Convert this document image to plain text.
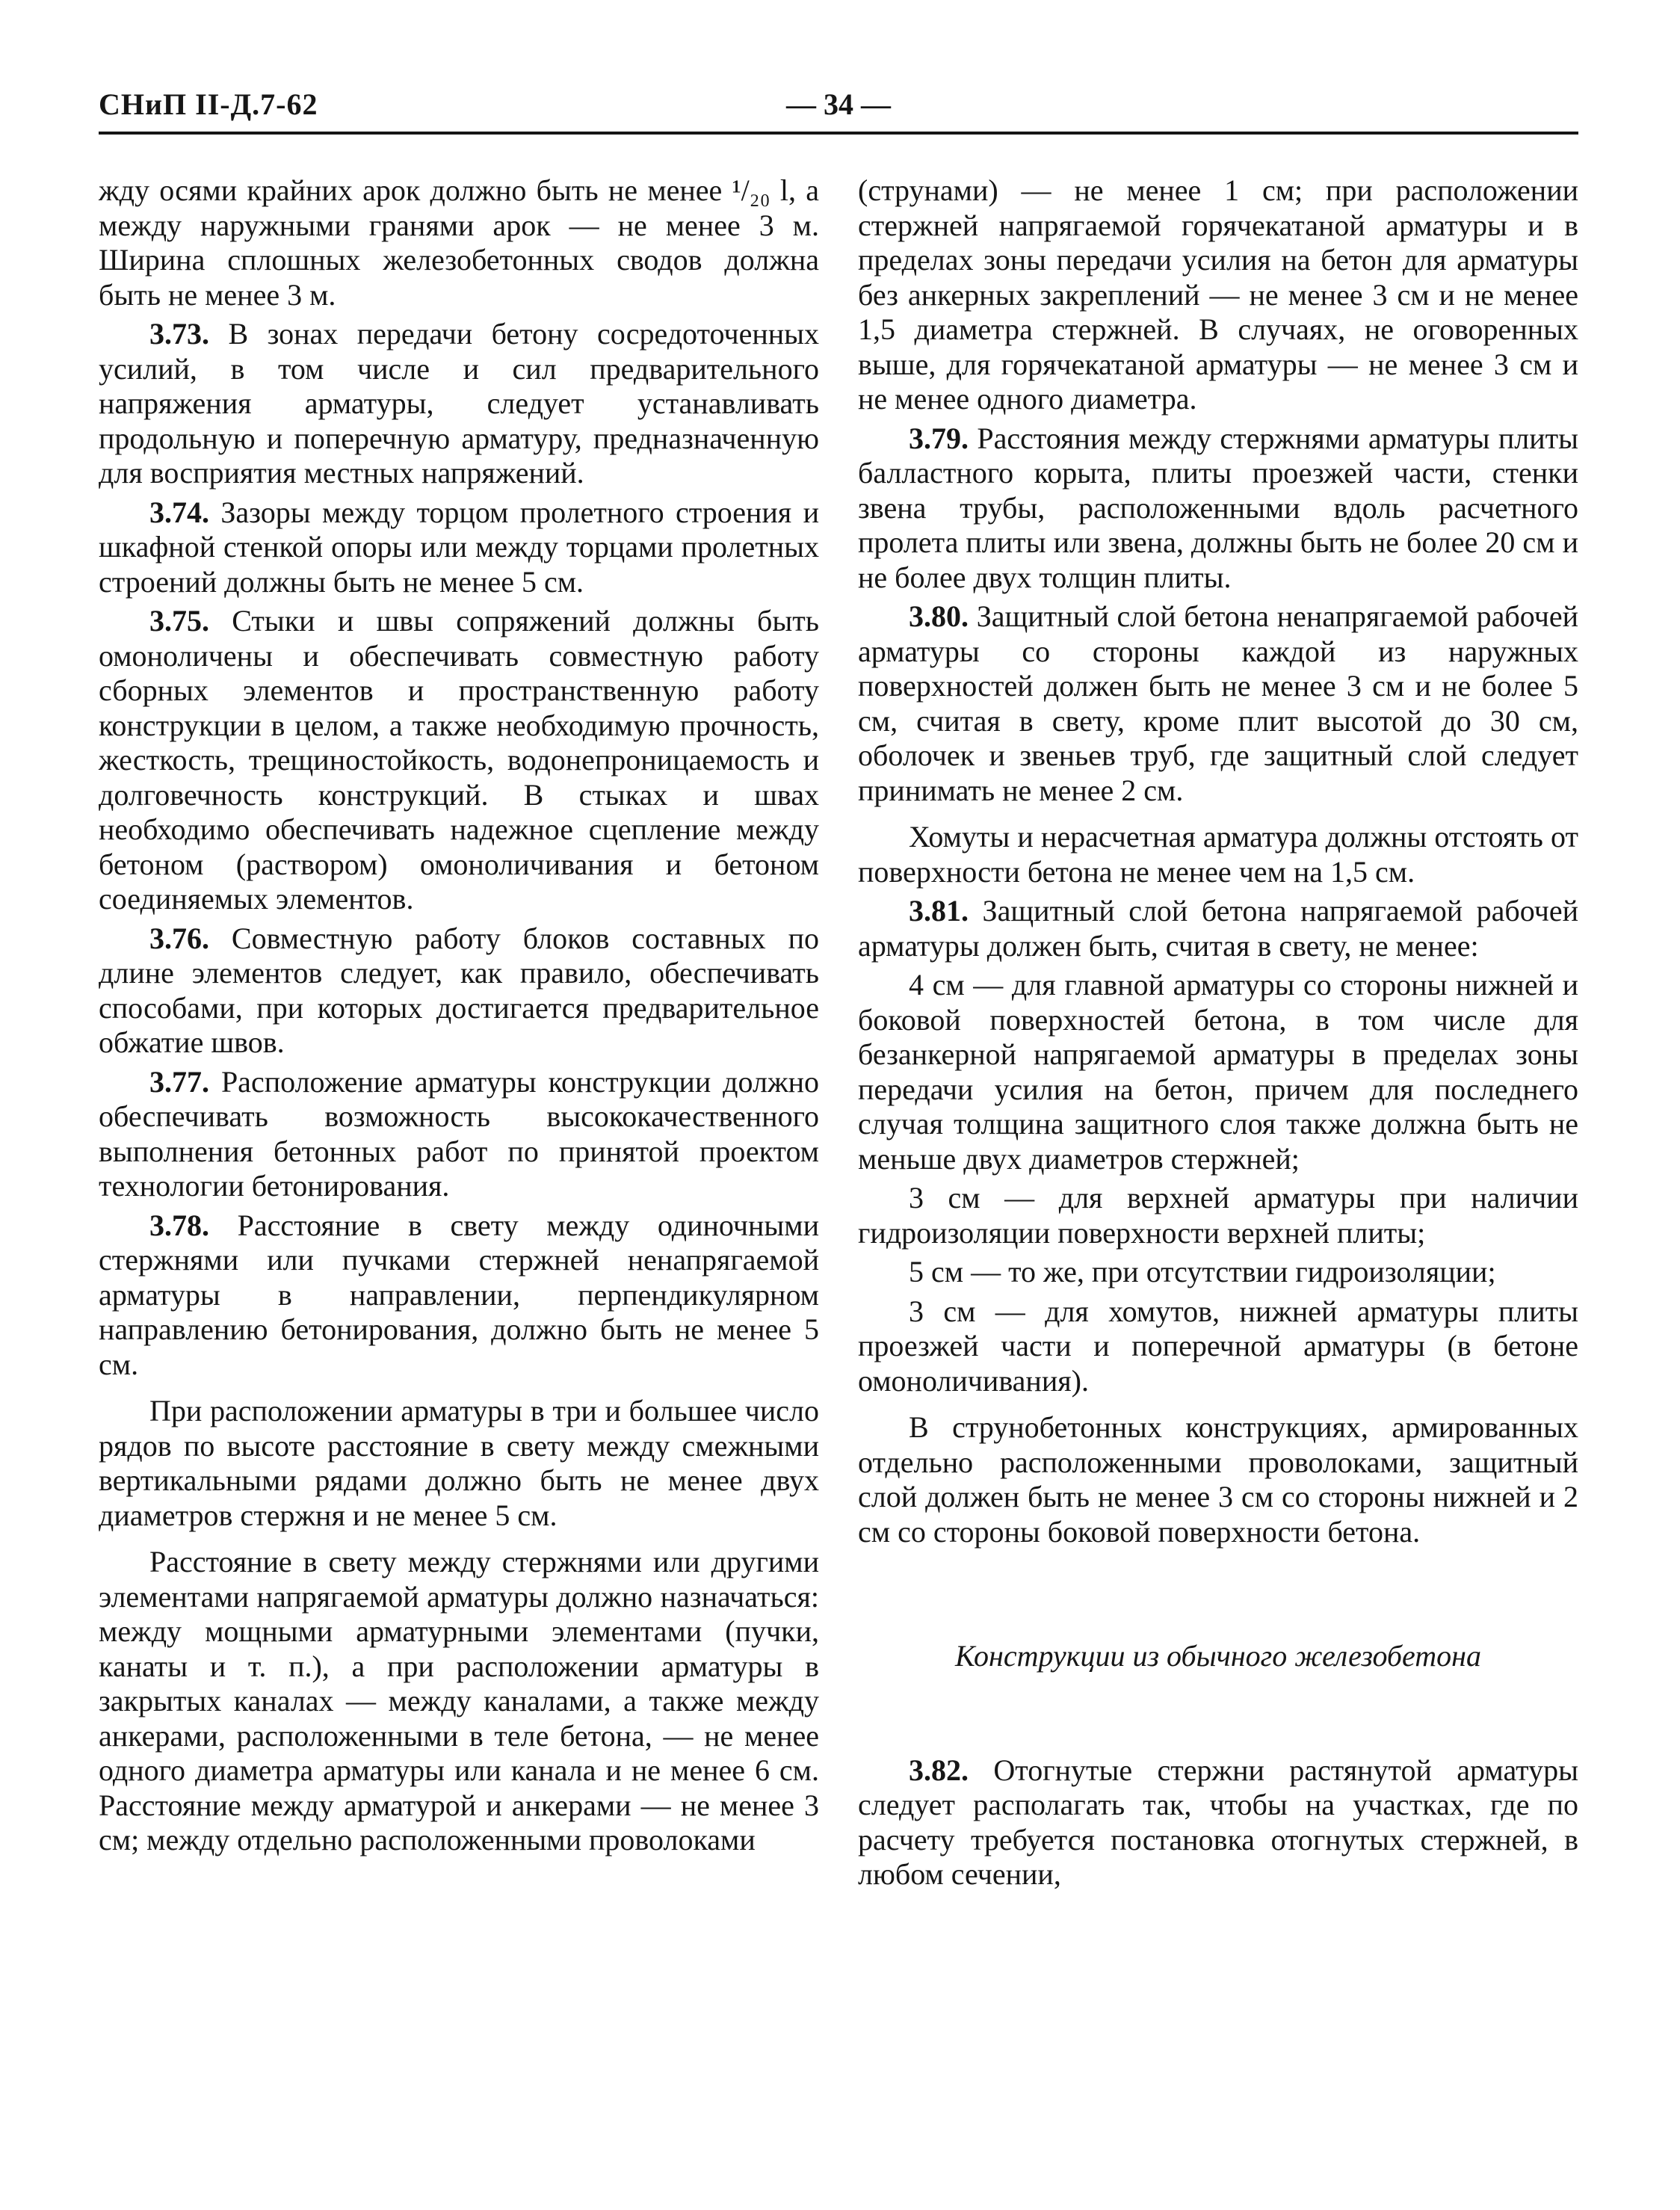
СНиП II-Д.7-62	— 34 —

жду осями крайних арок должно быть не менее ¹/₂₀ l, а между наружными гранями арок — не менее 3 м. Ширина сплошных железобетонных сводов должна быть не менее 3 м.

3.73. В зонах передачи бетону сосредоточенных усилий, в том числе и сил предварительного напряжения арматуры, следует устанавливать продольную и поперечную арматуру, предназначенную для восприятия местных напряжений.

3.74. Зазоры между торцом пролетного строения и шкафной стенкой опоры или между торцами пролетных строений должны быть не менее 5 см.

3.75. Стыки и швы сопряжений должны быть омоноличены и обеспечивать совместную работу сборных элементов и пространственную работу конструкции в целом, а также необходимую прочность, жесткость, трещиностойкость, водонепроницаемость и долговечность конструкций. В стыках и швах необходимо обеспечивать надежное сцепление между бетоном (раствором) омоноличивания и бетоном соединяемых элементов.

3.76. Совместную работу блоков составных по длине элементов следует, как правило, обеспечивать способами, при которых достигается предварительное обжатие швов.

3.77. Расположение арматуры конструкции должно обеспечивать возможность высококачественного выполнения бетонных работ по принятой проектом технологии бетонирования.

3.78. Расстояние в свету между одиночными стержнями или пучками стержней ненапрягаемой арматуры в направлении, перпендикулярном направлению бетонирования, должно быть не менее 5 см.

При расположении арматуры в три и большее число рядов по высоте расстояние в свету между смежными вертикальными рядами должно быть не менее двух диаметров стержня и не менее 5 см.

Расстояние в свету между стержнями или другими элементами напрягаемой арматуры должно назначаться: между мощными арматурными элементами (пучки, канаты и т. п.), а при расположении арматуры в закрытых каналах — между каналами, а также между анкерами, расположенными в теле бетона, — не менее одного диаметра арматуры или канала и не менее 6 см. Расстояние между арматурой и анкерами — не менее 3 см; между отдельно расположенными проволоками

(струнами) — не менее 1 см; при расположении стержней напрягаемой горячекатаной арматуры и в пределах зоны передачи усилия на бетон для арматуры без анкерных закреплений — не менее 3 см и не менее 1,5 диаметра стержней. В случаях, не оговоренных выше, для горячекатаной арматуры — не менее 3 см и не менее одного диаметра.

3.79. Расстояния между стержнями арматуры плиты балластного корыта, плиты проезжей части, стенки звена трубы, расположенными вдоль расчетного пролета плиты или звена, должны быть не более 20 см и не более двух толщин плиты.

3.80. Защитный слой бетона ненапрягаемой рабочей арматуры со стороны каждой из наружных поверхностей должен быть не менее 3 см и не более 5 см, считая в свету, кроме плит высотой до 30 см, оболочек и звеньев труб, где защитный слой следует принимать не менее 2 см.

Хомуты и нерасчетная арматура должны отстоять от поверхности бетона не менее чем на 1,5 см.

3.81. Защитный слой бетона напрягаемой рабочей арматуры должен быть, считая в свету, не менее:

4 см — для главной арматуры со стороны нижней и боковой поверхностей бетона, в том числе для безанкерной напрягаемой арматуры в пределах зоны передачи усилия на бетон, причем для последнего случая толщина защитного слоя также должна быть не меньше двух диаметров стержней;

3 см — для верхней арматуры при наличии гидроизоляции поверхности верхней плиты;

5 см — то же, при отсутствии гидроизоляции;

3 см — для хомутов, нижней арматуры плиты проезжей части и поперечной арматуры (в бетоне омоноличивания).

В струнобетонных конструкциях, армированных отдельно расположенными проволоками, защитный слой должен быть не менее 3 см со стороны нижней и 2 см со стороны боковой поверхности бетона.

Конструкции из обычного железобетона

3.82. Отогнутые стержни растянутой арматуры следует располагать так, чтобы на участках, где по расчету требуется постановка отогнутых стержней, в любом сечении,
